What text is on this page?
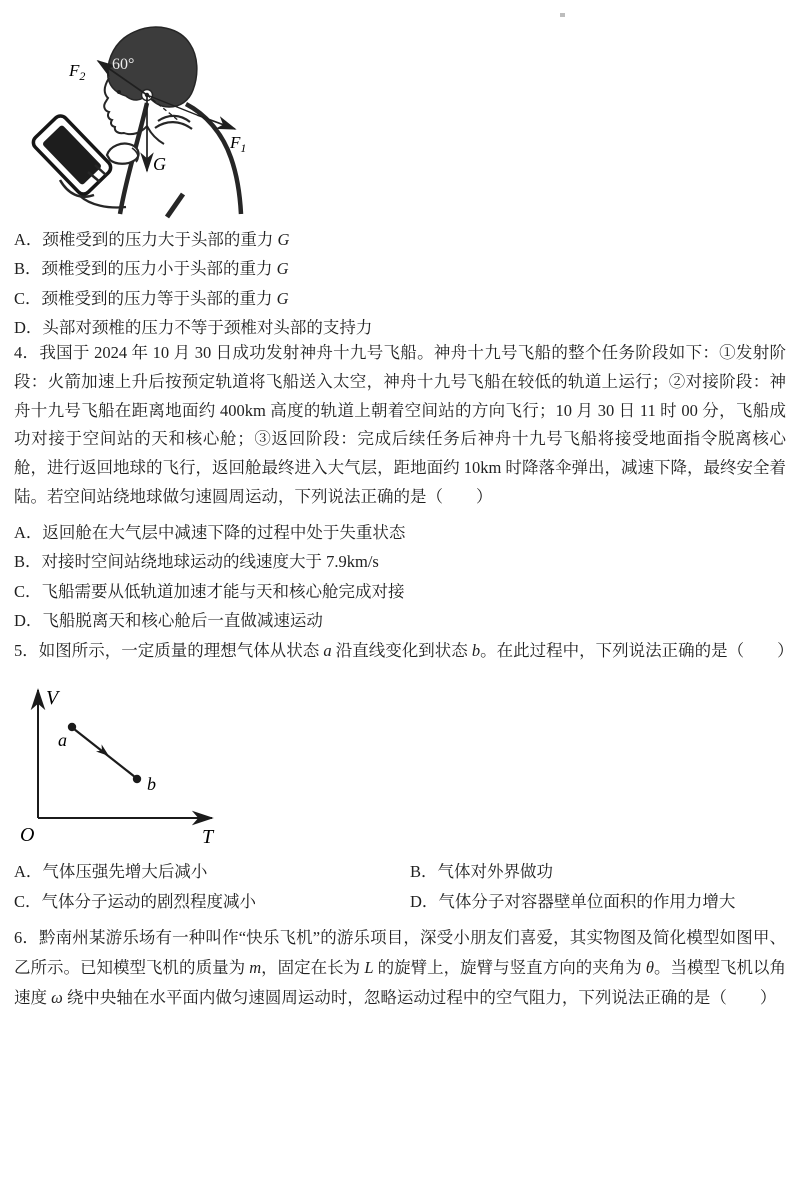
$F_2$
$F_1$
G
60°
A．颈椎受到的压力大于头部的重力 G
B．颈椎受到的压力小于头部的重力 G
C．颈椎受到的压力等于头部的重力 G
D．头部对颈椎的压力不等于颈椎对头部的支持力
4．我国于 2024 年 10 月 30 日成功发射神舟十九号飞船。神舟十九号飞船的整个任务阶段如下：①发射阶段：火箭加速上升后按预定轨道将飞船送入太空，神舟十九号飞船在较低的轨道上运行；②对接阶段：神舟十九号飞船在距离地面约 400km 高度的轨道上朝着空间站的方向飞行；10 月 30 日 11 时 00 分，飞船成功对接于空间站的天和核心舱；③返回阶段：完成后续任务后神舟十九号飞船将接受地面指令脱离核心舱，进行返回地球的飞行，返回舱最终进入大气层，距地面约 10km 时降落伞弹出，减速下降，最终安全着陆。若空间站绕地球做匀速圆周运动，下列说法正确的是（　　）
A．返回舱在大气层中减速下降的过程中处于失重状态
B．对接时空间站绕地球运动的线速度大于 7.9km/s
C．飞船需要从低轨道加速才能与天和核心舱完成对接
D．飞船脱离天和核心舱后一直做减速运动
5．如图所示，一定质量的理想气体从状态 a 沿直线变化到状态 b。在此过程中，下列说法正确的是（　　）
V
T
O
a
b
A．气体压强先增大后减小	B．气体对外界做功
C．气体分子运动的剧烈程度减小	D．气体分子对容器壁单位面积的作用力增大
6．黔南州某游乐场有一种叫作“快乐飞机”的游乐项目，深受小朋友们喜爱，其实物图及简化模型如图甲、乙所示。已知模型飞机的质量为 m，固定在长为 L 的旋臂上，旋臂与竖直方向的夹角为 θ。当模型飞机以角速度 ω 绕中央轴在水平面内做匀速圆周运动时，忽略运动过程中的空气阻力，下列说法正确的是（　　）
